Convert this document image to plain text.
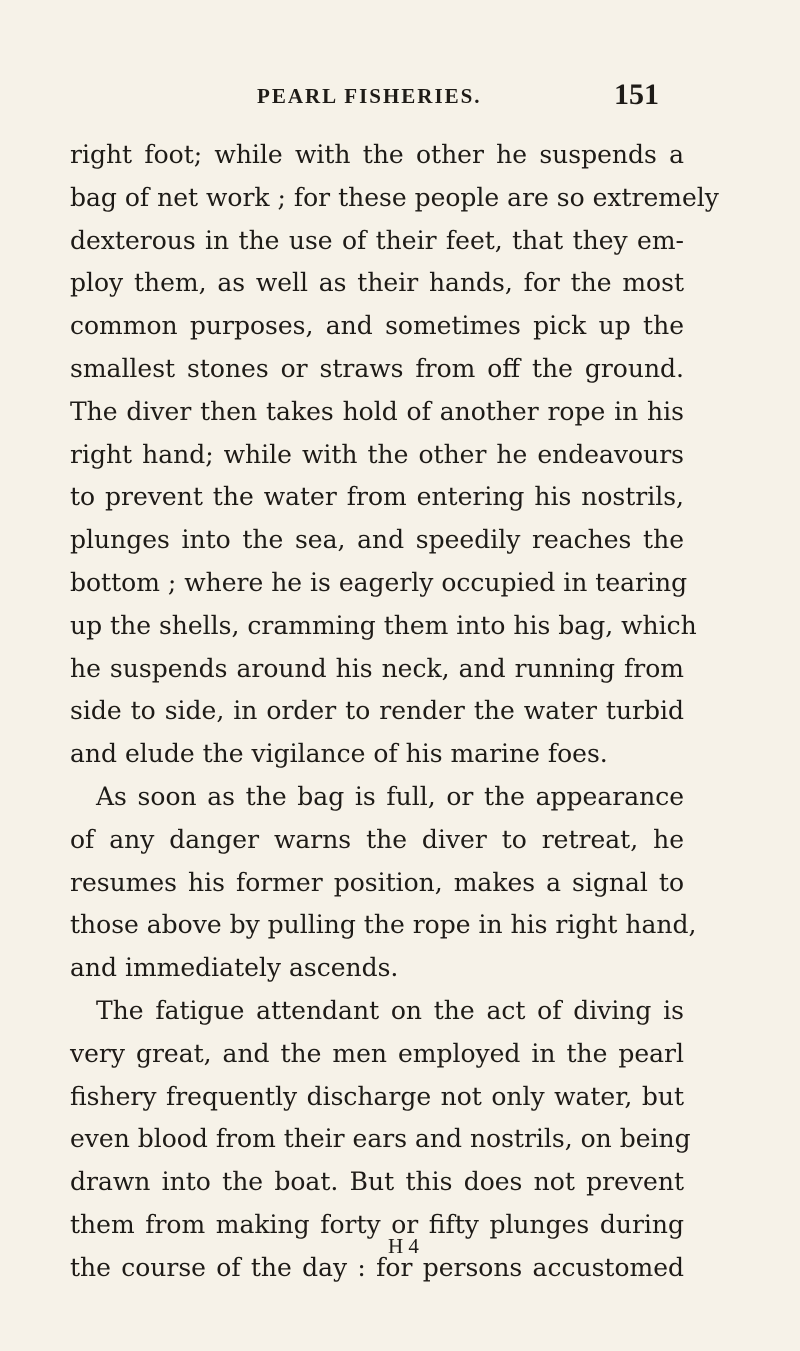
PEARL FISHERIES.	151
right foot; while with the other he suspends a
bag of net work ; for these people are so extremely
dexterous in the use of their feet, that they em-
ploy them, as well as their hands, for the most
common purposes, and sometimes pick up the
smallest stones or straws from off the ground.
The diver then takes hold of another rope in his
right hand; while with the other he endeavours
to prevent the water from entering his nostrils,
plunges into the sea, and speedily reaches the
bottom ; where he is eagerly occupied in tearing
up the shells, cramming them into his bag, which
he suspends around his neck, and running from
side to side, in order to render the water turbid
and elude the vigilance of his marine foes.
As soon as the bag is full, or the appearance
of any danger warns the diver to retreat, he
resumes his former position, makes a signal to
those above by pulling the rope in his right hand,
and immediately ascends.
The fatigue attendant on the act of diving is
very great, and the men employed in the pearl
fishery frequently discharge not only water, but
even blood from their ears and nostrils, on being
drawn into the boat. But this does not prevent
them from making forty or fifty plunges during
the course of the day : for persons accustomed
H 4
